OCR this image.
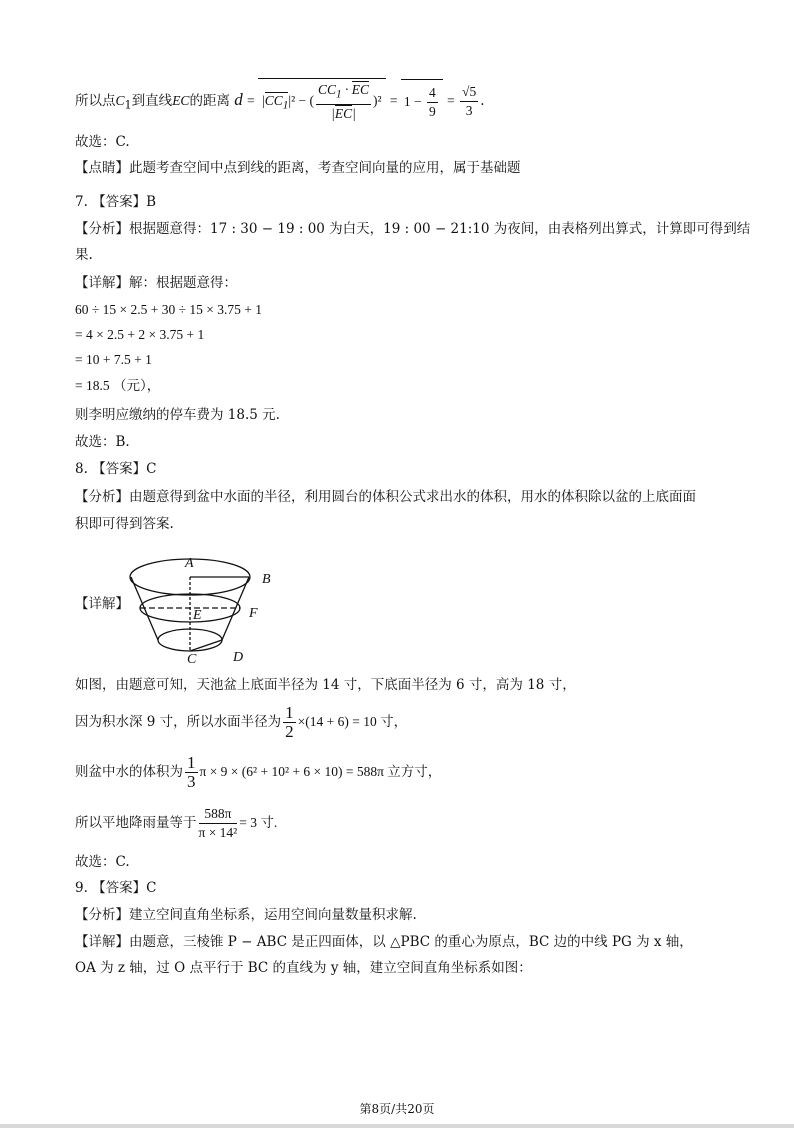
所以点$C_1$到直线EC的距离 $d = |CC_1|^2$ − ( $\frac{CC_1 \cdot EC}{|EC|} )^2 = 1 - \frac{4}{9} = \frac{√5}{3}$ .
故选：C.
【点睛】此题考查空间中点到线的距离，考查空间向量的应用，属于基础题
7. 【答案】B
【分析】根据题意得：17 : 30 − 19 : 00 为白天，19 : 00 − 21:10 为夜间，由表格列出算式，计算即可得到结
果.
【详解】解：根据题意得：
60 ÷ 15 × 2.5 + 30 ÷ 15 × 3.75 + 1
= 4 × 2.5 + 2 × 3.75 + 1
= 10 + 7.5 + 1
= 18.5 （元），
则李明应缴纳的停车费为 18.5 元.
故选：B.
8. 【答案】C
【分析】由题意得到盆中水面的半径，利用圆台的体积公式求出水的体积，用水的体积除以盆的上底面面
积即可得到答案.
【详解】
A
B
E	F
C	D
如图，由题意可知，天池盆上底面半径为 14 寸，下底面半径为 6 寸，高为 18 寸，
因为积水深 9 寸，所以水面半径为 $\frac{1}{2} \times(14 + 6) = 10$ 寸，
则盆中水的体积为 $\frac{1}{3}$ π × 9 × (6² + 10² + 6 × 10) = 588π 立方寸，
所以平地降雨量等于 $\frac{588\pi}{\text{π × 14²}} = 3$ 寸.
故选：C.
9. 【答案】C
【分析】建立空间直角坐标系，运用空间向量数量积求解.
【详解】由题意，三棱锥 P − ABC 是正四面体，以 △PBC 的重心为原点，BC 边的中线 PG 为 x 轴，
OA 为 z 轴，过 O 点平行于 BC 的直线为 y 轴，建立空间直角坐标系如图：
第8页/共20页
